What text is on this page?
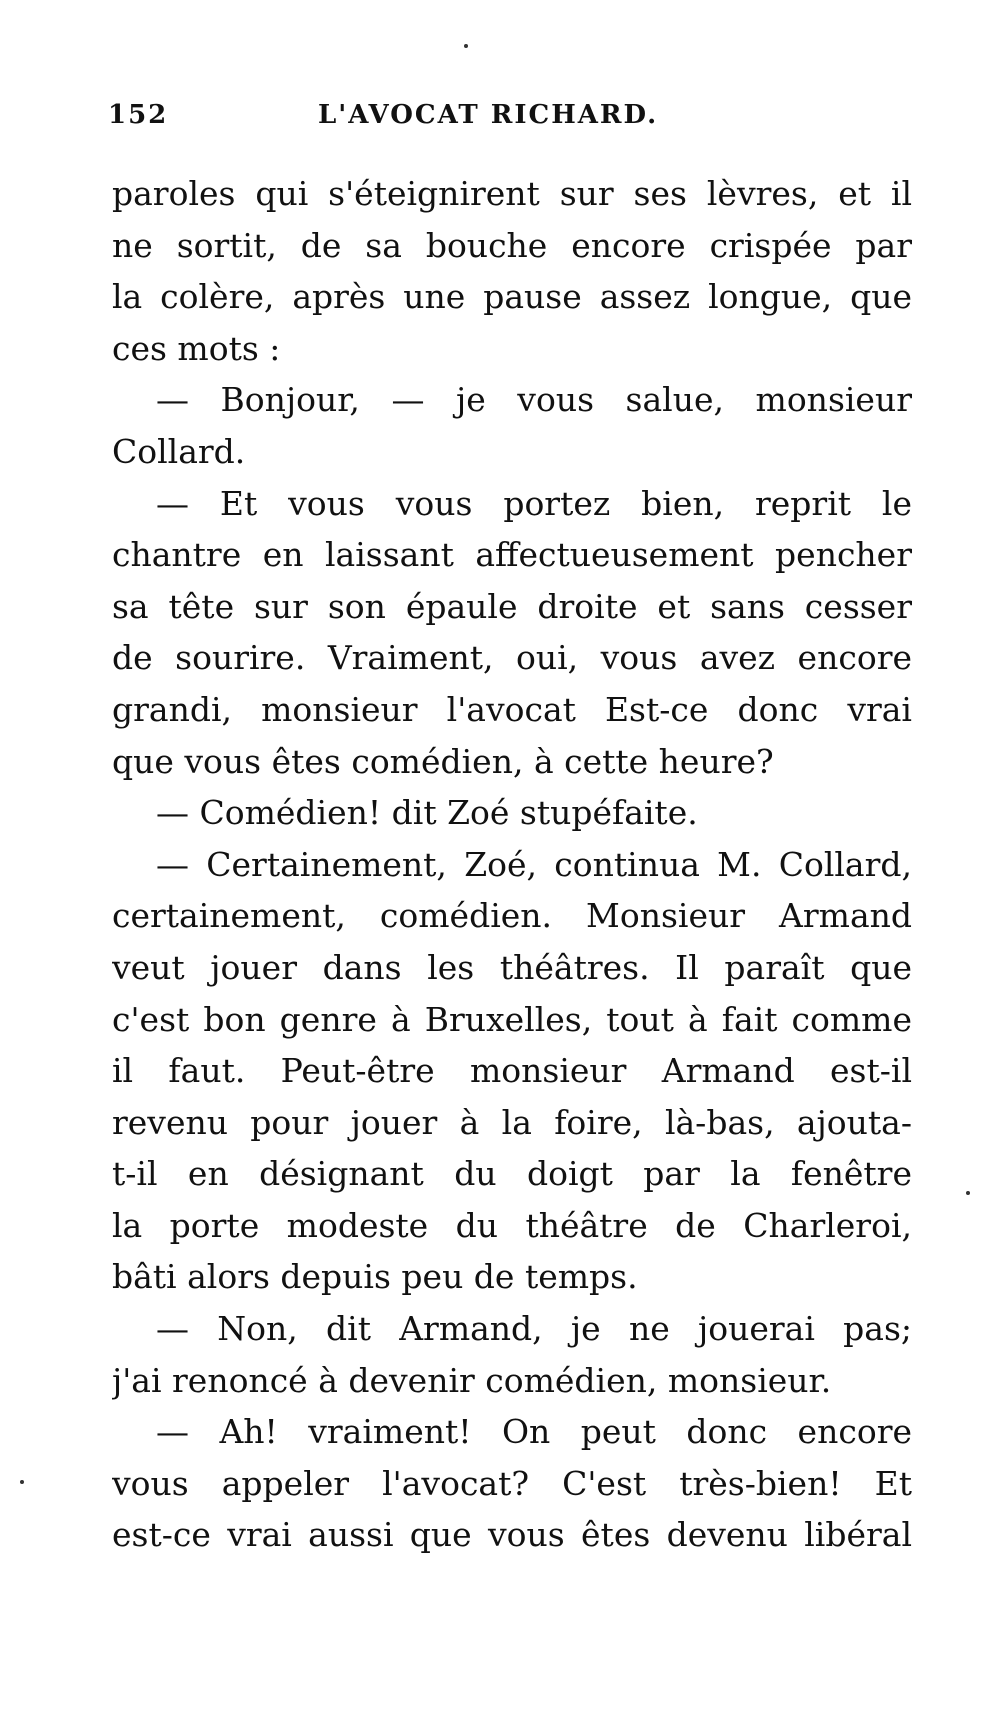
152	L'AVOCAT RICHARD.
paroles qui s'éteignirent sur ses lèvres, et il
ne sortit, de sa bouche encore crispée par
la colère, après une pause assez longue, que
ces mots :
— Bonjour, — je vous salue, monsieur
Collard.
— Et vous vous portez bien, reprit le
chantre en laissant affectueusement pencher
sa tête sur son épaule droite et sans cesser
de sourire. Vraiment, oui, vous avez encore
grandi, monsieur l'avocat Est-ce donc vrai
que vous êtes comédien, à cette heure?
— Comédien! dit Zoé stupéfaite.
— Certainement, Zoé, continua M. Collard,
certainement, comédien. Monsieur Armand
veut jouer dans les théâtres. Il paraît que
c'est bon genre à Bruxelles, tout à fait comme
il faut. Peut-être monsieur Armand est-il
revenu pour jouer à la foire, là-bas, ajouta-
t-il en désignant du doigt par la fenêtre
la porte modeste du théâtre de Charleroi,
bâti alors depuis peu de temps.
— Non, dit Armand, je ne jouerai pas;
j'ai renoncé à devenir comédien, monsieur.
— Ah! vraiment! On peut donc encore
vous appeler l'avocat? C'est très-bien! Et
est-ce vrai aussi que vous êtes devenu libéral
